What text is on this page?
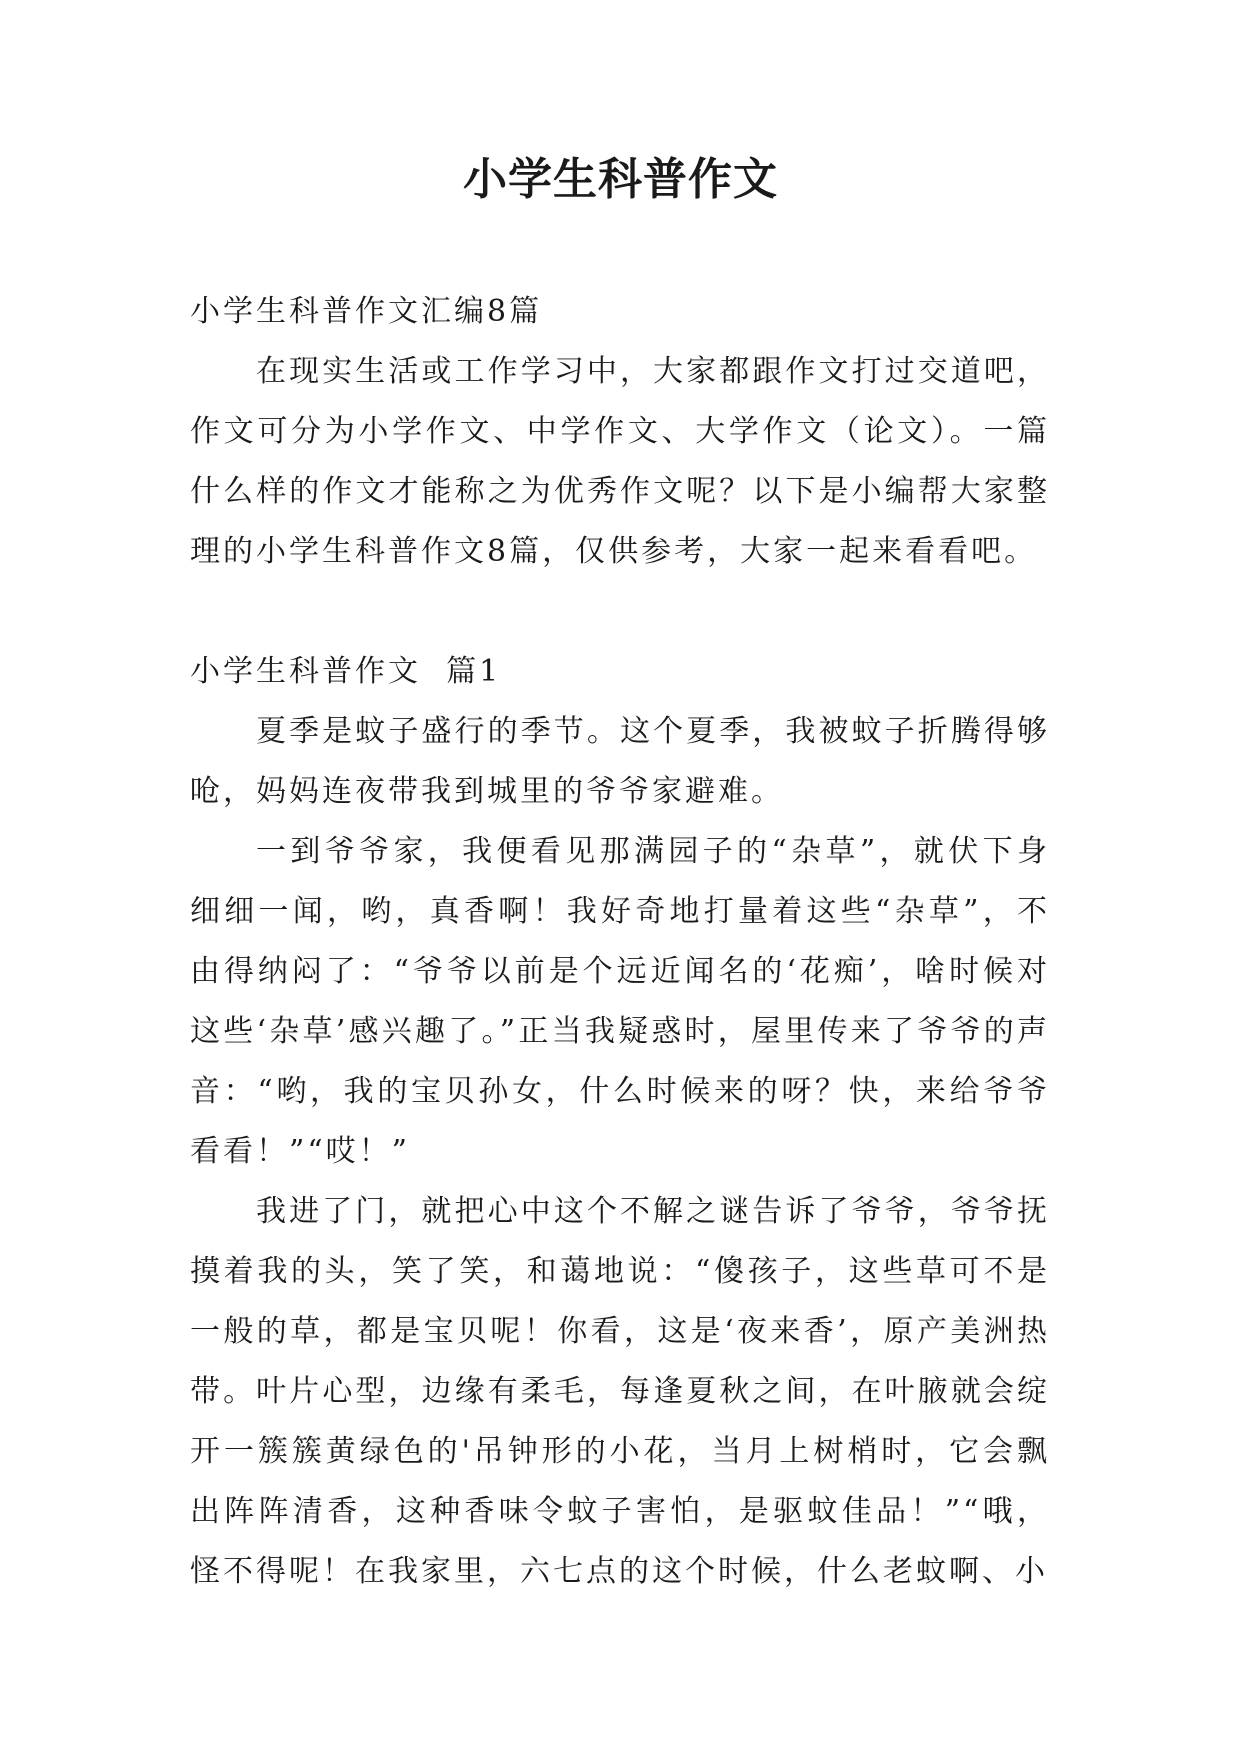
小学生科普作文

小学生科普作文汇编8篇

在现实生活或工作学习中，大家都跟作文打过交道吧，作文可分为小学作文、中学作文、大学作文（论文）。一篇什么样的作文才能称之为优秀作文呢？以下是小编帮大家整理的小学生科普作文8篇，仅供参考，大家一起来看看吧。

小学生科普作文  篇1

夏季是蚊子盛行的季节。这个夏季，我被蚊子折腾得够呛，妈妈连夜带我到城里的爷爷家避难。

一到爷爷家，我便看见那满园子的“杂草”，就伏下身细细一闻，哟，真香啊！我好奇地打量着这些“杂草”，不由得纳闷了：“爷爷以前是个远近闻名的‘花痴’，啥时候对这些‘杂草’感兴趣了。”正当我疑惑时，屋里传来了爷爷的声音：“哟，我的宝贝孙女，什么时候来的呀？快，来给爷爷看看！”“哎！”

我进了门，就把心中这个不解之谜告诉了爷爷，爷爷抚摸着我的头，笑了笑，和蔼地说：“傻孩子，这些草可不是一般的草，都是宝贝呢！你看，这是‘夜来香’，原产美洲热带。叶片心型，边缘有柔毛，每逢夏秋之间，在叶腋就会绽开一簇簇黄绿色的'吊钟形的小花，当月上树梢时，它会飘出阵阵清香，这种香味令蚊子害怕，是驱蚊佳品！”“哦，怪不得呢！在我家里，六七点的这个时候，什么老蚊啊、小
